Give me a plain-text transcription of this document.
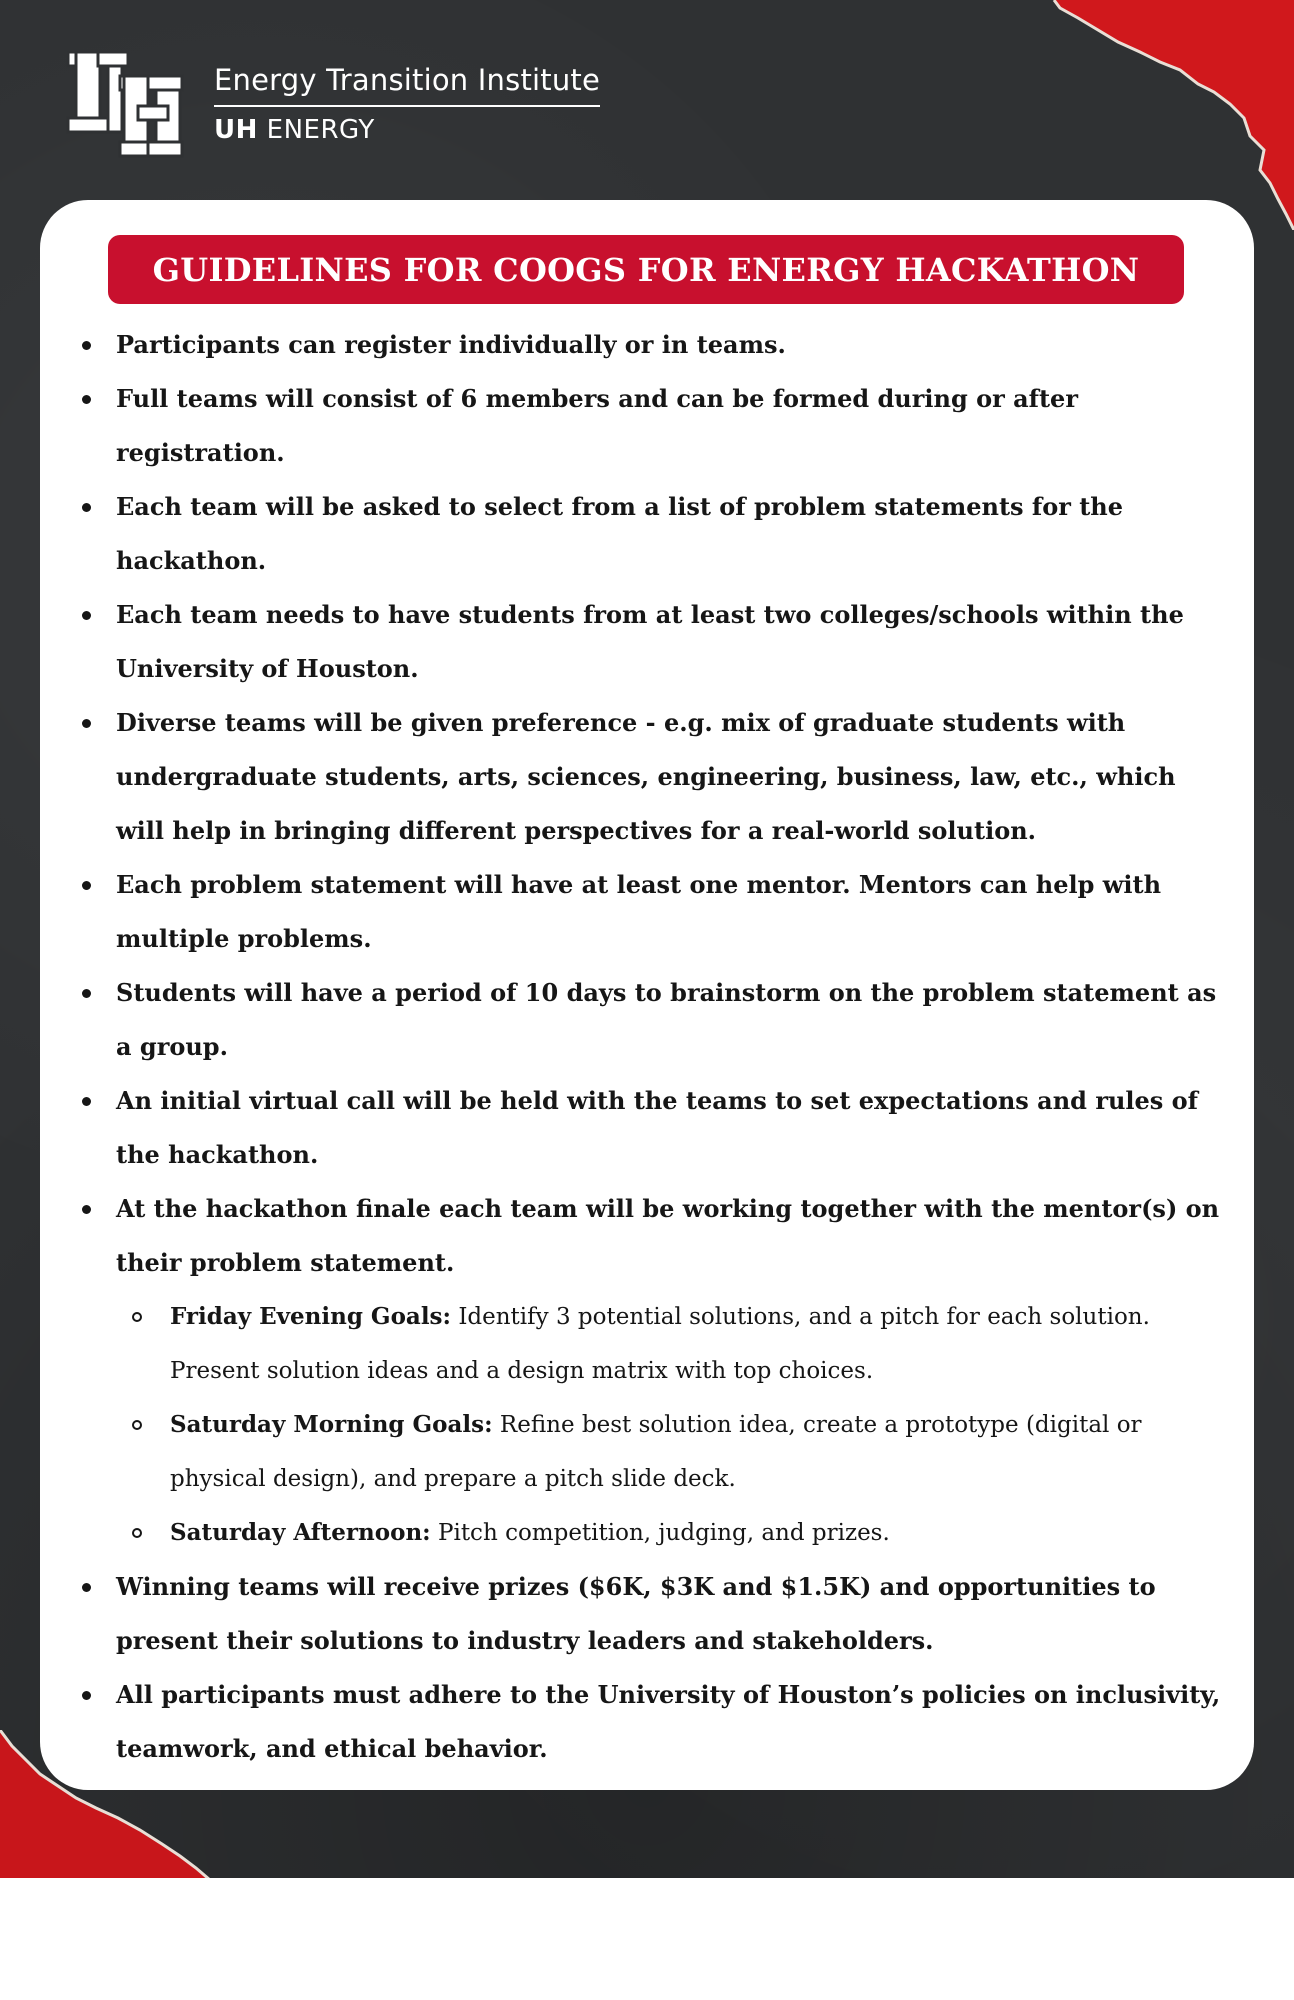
Energy Transition Institute
UH ENERGY
GUIDELINES FOR COOGS FOR ENERGY HACKATHON
Participants can register individually or in teams.
Full teams will consist of 6 members and can be formed during or after registration.
Each team will be asked to select from a list of problem statements for the hackathon.
Each team needs to have students from at least two colleges/schools within the University of Houston.
Diverse teams will be given preference - e.g. mix of graduate students with undergraduate students, arts, sciences, engineering, business, law, etc., which will help in bringing different perspectives for a real-world solution.
Each problem statement will have at least one mentor. Mentors can help with multiple problems.
Students will have a period of 10 days to brainstorm on the problem statement as a group.
An initial virtual call will be held with the teams to set expectations and rules of the hackathon.
At the hackathon finale each team will be working together with the mentor(s) on their problem statement.
Friday Evening Goals: Identify 3 potential solutions, and a pitch for each solution. Present solution ideas and a design matrix with top choices.
Saturday Morning Goals: Refine best solution idea, create a prototype (digital or physical design), and prepare a pitch slide deck.
Saturday Afternoon: Pitch competition, judging, and prizes.
Winning teams will receive prizes ($6K, $3K and $1.5K) and opportunities to present their solutions to industry leaders and stakeholders.
All participants must adhere to the University of Houston’s policies on inclusivity, teamwork, and ethical behavior.
